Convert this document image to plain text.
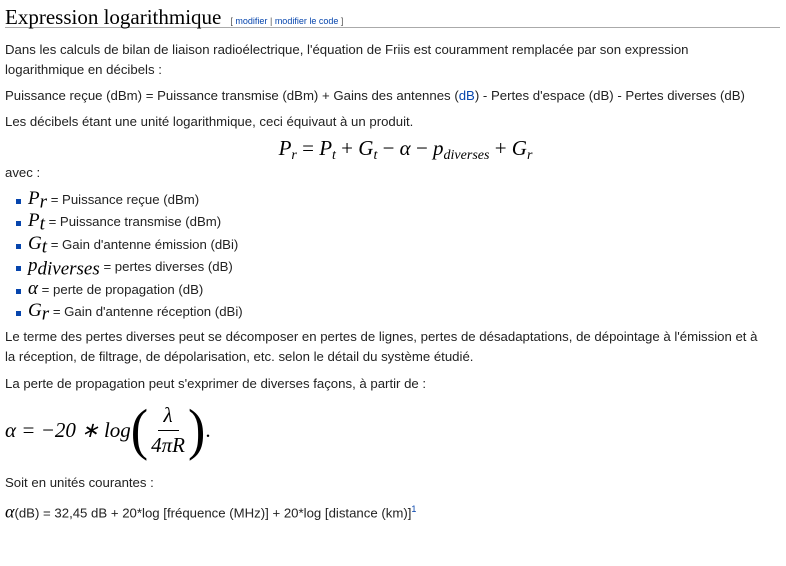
Expression logarithmique [ modifier | modifier le code ]

Dans les calculs de bilan de liaison radioélectrique, l'équation de Friis est couramment remplacée par son expression logarithmique en décibels :

Puissance reçue (dBm) = Puissance transmise (dBm) + Gains des antennes (dB) - Pertes d'espace (dB) - Pertes diverses (dB)

Les décibels étant une unité logarithmique, ceci équivaut à un produit.

$P_r = P_t + G_t - \alpha - p_{diverses} + G_r$

avec :

$P_r$ = Puissance reçue (dBm)
$P_t$ = Puissance transmise (dBm)
$G_t$ = Gain d'antenne émission (dBi)
$p_{diverses}$ = pertes diverses (dB)
α = perte de propagation (dB)
$G_r$ = Gain d'antenne réception (dBi)

Le terme des pertes diverses peut se décomposer en pertes de lignes, pertes de désadaptations, de dépointage à l'émission et à la réception, de filtrage, de dépolarisation, etc. selon le détail du système étudié.

La perte de propagation peut s'exprimer de diverses façons, à partir de :

α = −20 ∗ log ( $\frac{\lambda}{4\pi R}$ ) .

Soit en unités courantes :

α(dB) = 32,45 dB + 20*log [fréquence (MHz)] + 20*log [distance (km)]$^1$
